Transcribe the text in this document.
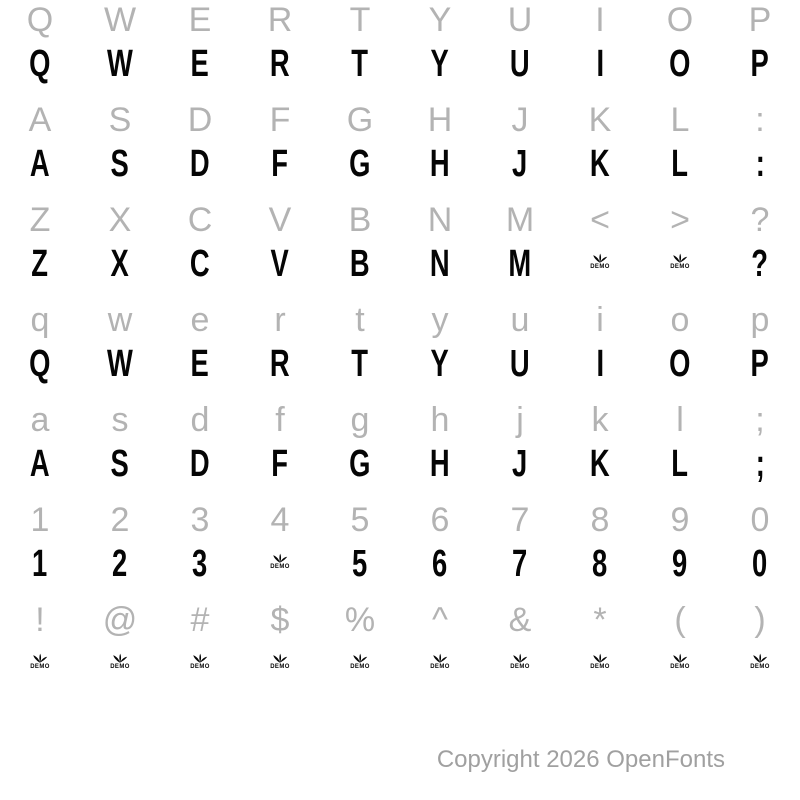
Q W E R T Y U I O P
Q W E R T Y U I O P
A S D F G H J K L :
A S D F G H J K L :
Z X C V B N M < > ?
Z X C V B N M	DEMO	DEMO ?
q w e r t y u i o p
Q W E R T Y U I O P
a s d f g h j k l ;
A S D F G H J K L ;
1 2 3 4 5 6 7 8 9 0
1 2 3	DEMO 5 6 7 8 9 0
! @ # $ % ^ & * ( )
DEMO	DEMO	DEMO	DEMO	DEMO	DEMO	DEMO	DEMO	DEMO	DEMO
Copyright 2026 OpenFonts
